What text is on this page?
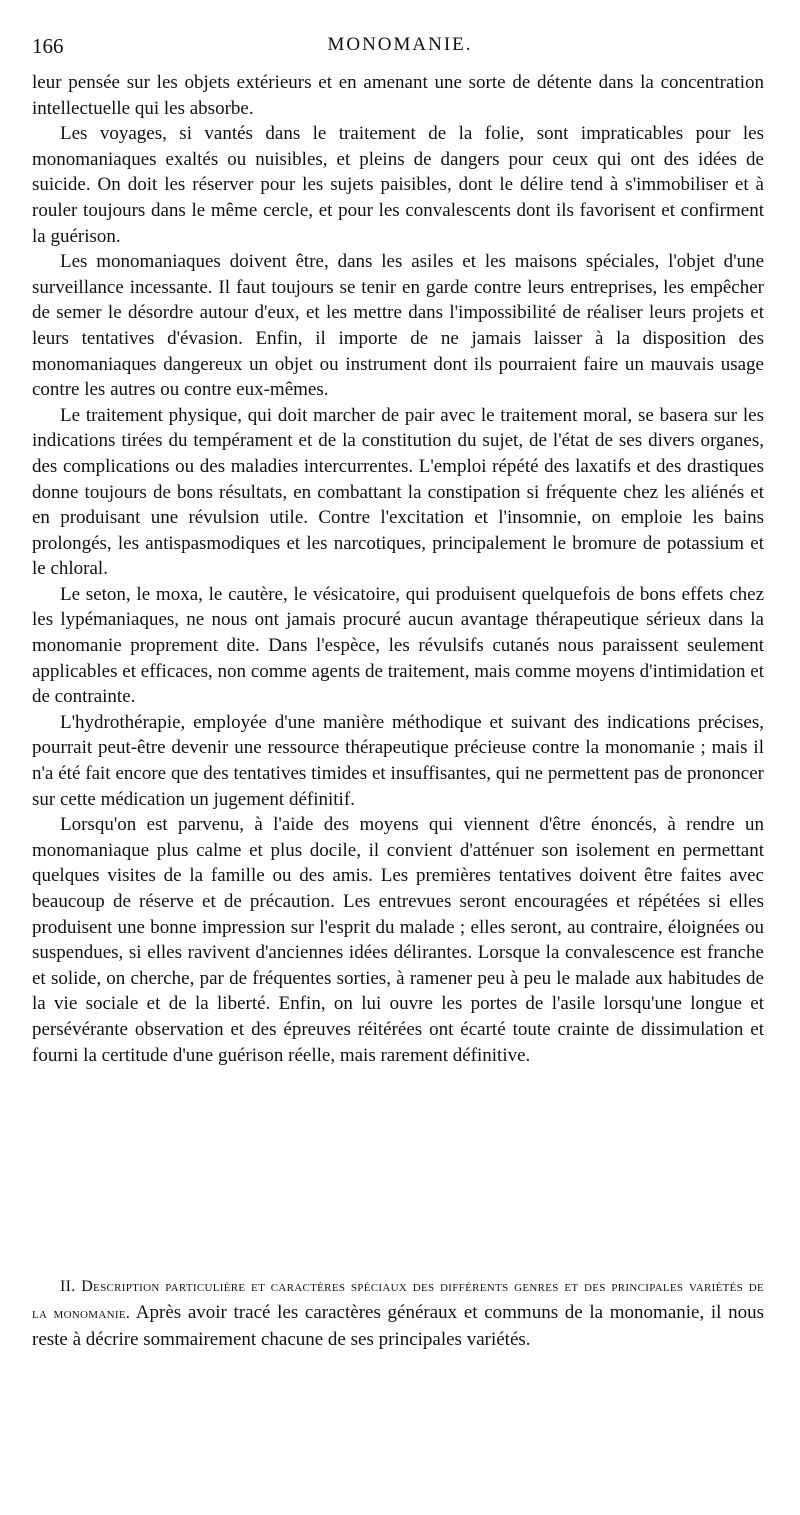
166	MONOMANIE.

leur pensée sur les objets extérieurs et en amenant une sorte de détente dans la concentration intellectuelle qui les absorbe.

Les voyages, si vantés dans le traitement de la folie, sont impraticables pour les monomaniaques exaltés ou nuisibles, et pleins de dangers pour ceux qui ont des idées de suicide. On doit les réserver pour les sujets paisibles, dont le délire tend à s'immobiliser et à rouler toujours dans le même cercle, et pour les convalescents dont ils favorisent et confirment la guérison.

Les monomaniaques doivent être, dans les asiles et les maisons spéciales, l'objet d'une surveillance incessante. Il faut toujours se tenir en garde contre leurs entreprises, les empêcher de semer le désordre autour d'eux, et les mettre dans l'impossibilité de réaliser leurs projets et leurs tentatives d'évasion. Enfin, il importe de ne jamais laisser à la disposition des monomaniaques dangereux un objet ou instrument dont ils pourraient faire un mauvais usage contre les autres ou contre eux-mêmes.

Le traitement physique, qui doit marcher de pair avec le traitement moral, se basera sur les indications tirées du tempérament et de la constitution du sujet, de l'état de ses divers organes, des complications ou des maladies intercurrentes. L'emploi répété des laxatifs et des drastiques donne toujours de bons résultats, en combattant la constipation si fréquente chez les aliénés et en produisant une révulsion utile. Contre l'excitation et l'insomnie, on emploie les bains prolongés, les antispasmodiques et les narcotiques, principalement le bromure de potassium et le chloral.

Le seton, le moxa, le cautère, le vésicatoire, qui produisent quelquefois de bons effets chez les lypémaniaques, ne nous ont jamais procuré aucun avantage thérapeutique sérieux dans la monomanie proprement dite. Dans l'espèce, les révulsifs cutanés nous paraissent seulement applicables et efficaces, non comme agents de traitement, mais comme moyens d'intimidation et de contrainte.

L'hydrothérapie, employée d'une manière méthodique et suivant des indications précises, pourrait peut-être devenir une ressource thérapeutique précieuse contre la monomanie ; mais il n'a été fait encore que des tentatives timides et insuffisantes, qui ne permettent pas de prononcer sur cette médication un jugement définitif.

Lorsqu'on est parvenu, à l'aide des moyens qui viennent d'être énoncés, à rendre un monomaniaque plus calme et plus docile, il convient d'atténuer son isolement en permettant quelques visites de la famille ou des amis. Les premières tentatives doivent être faites avec beaucoup de réserve et de précaution. Les entrevues seront encouragées et répétées si elles produisent une bonne impression sur l'esprit du malade ; elles seront, au contraire, éloignées ou suspendues, si elles ravivent d'anciennes idées délirantes. Lorsque la convalescence est franche et solide, on cherche, par de fréquentes sorties, à ramener peu à peu le malade aux habitudes de la vie sociale et de la liberté. Enfin, on lui ouvre les portes de l'asile lorsqu'une longue et persévérante observation et des épreuves réitérées ont écarté toute crainte de dissimulation et fourni la certitude d'une guérison réelle, mais rarement définitive.

II. Description particulière et caractères spéciaux des différents genres et des principales variétés de la monomanie. Après avoir tracé les caractères généraux et communs de la monomanie, il nous reste à décrire sommairement chacune de ses principales variétés.
